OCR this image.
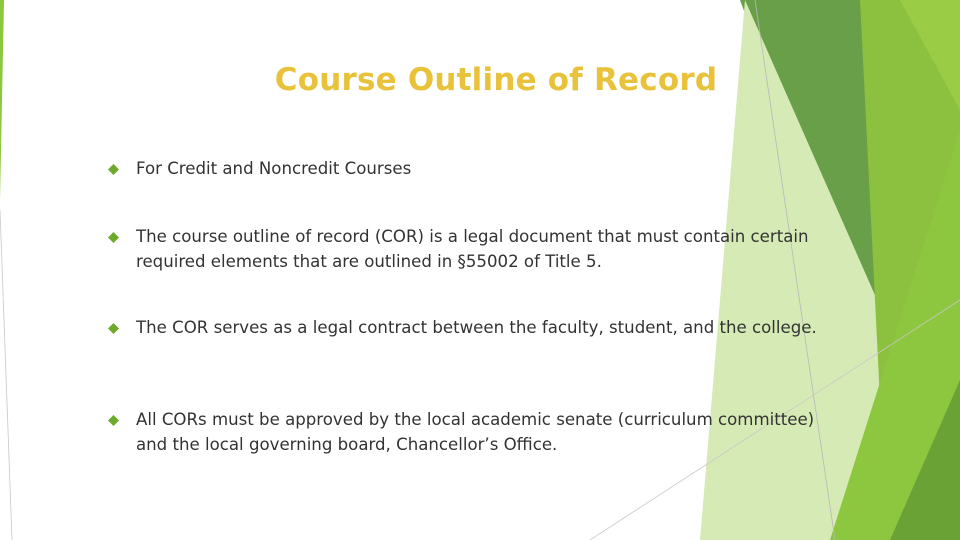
Course Outline of Record
For Credit and Noncredit Courses
The course outline of record (COR) is a legal document that must contain certain required elements that are outlined in §55002 of Title 5.
The COR serves as a legal contract between the faculty, student, and the college.
All CORs must be approved by the local academic senate (curriculum committee) and the local governing board, Chancellor’s Office.
